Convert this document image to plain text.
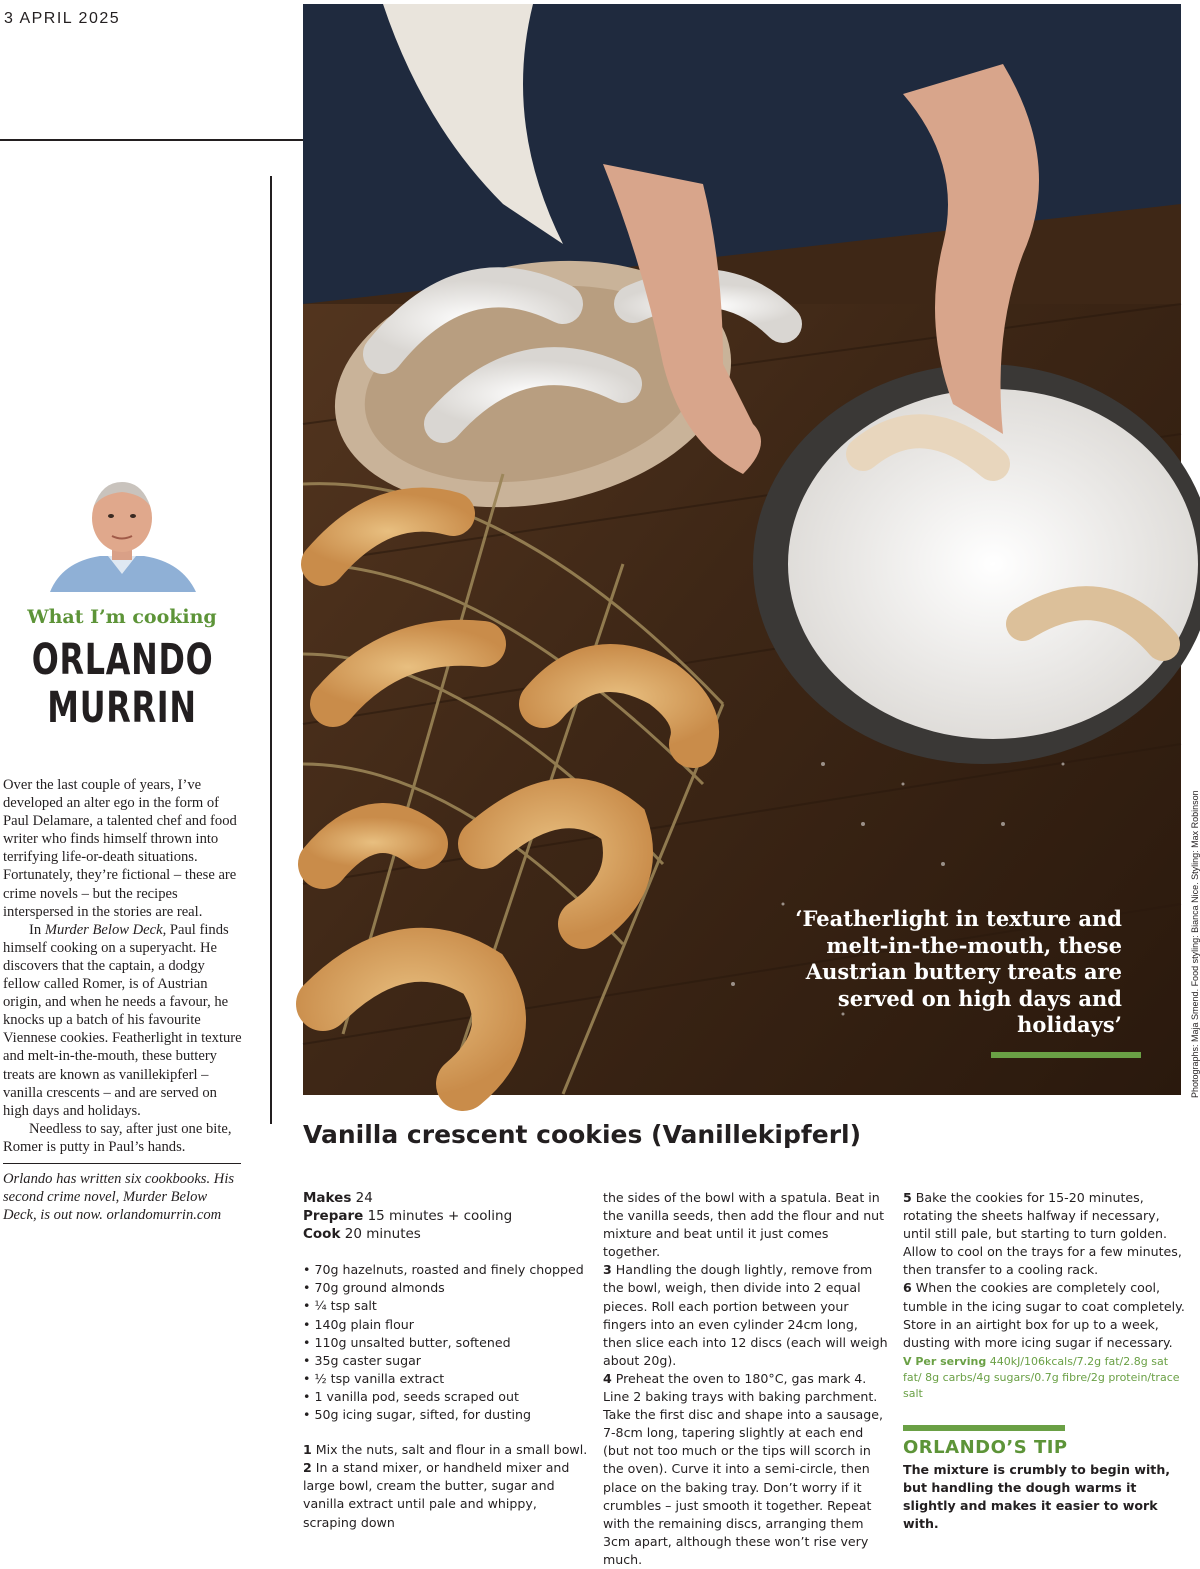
3 APRIL 2025
What I’m cooking
ORLANDO
MURRIN

Over the last couple of years, I’ve developed an alter ego in the form of Paul Delamare, a talented chef and food writer who finds himself thrown into terrifying life-or-death situations. Fortunately, they’re fictional – these are crime novels – but the recipes interspersed in the stories are real.

In Murder Below Deck, Paul finds himself cooking on a superyacht. He discovers that the captain, a dodgy fellow called Romer, is of Austrian origin, and when he needs a favour, he knocks up a batch of his favourite Viennese cookies. Featherlight in texture and melt-in-the-mouth, these buttery treats are known as vanillekipferl – vanilla crescents – and are served on high days and holidays.

Needless to say, after just one bite, Romer is putty in Paul’s hands.

Orlando has written six cookbooks. His second crime novel, Murder Below Deck, is out now. orlandomurrin.com
‘Featherlight in texture and melt-in-the-mouth, these Austrian buttery treats are served on high days and holidays’	Photographs: Maja Smend. Food styling: Bianca Nice. Styling: Max Robinson
Vanilla crescent cookies (Vanillekipferl)
Makes 24
Prepare 15 minutes + cooling
Cook 20 minutes
• 70g hazelnuts, roasted and finely chopped
• 70g ground almonds
• ¼ tsp salt
• 140g plain flour
• 110g unsalted butter, softened
• 35g caster sugar
• ½ tsp vanilla extract
• 1 vanilla pod, seeds scraped out
• 50g icing sugar, sifted, for dusting

1 Mix the nuts, salt and flour in a small bowl.

2 In a stand mixer, or handheld mixer and large bowl, cream the butter, sugar and vanilla extract until pale and whippy, scraping down

the sides of the bowl with a spatula. Beat in the vanilla seeds, then add the flour and nut mixture and beat until it just comes together.

3 Handling the dough lightly, remove from the bowl, weigh, then divide into 2 equal pieces. Roll each portion between your fingers into an even cylinder 24cm long, then slice each into 12 discs (each will weigh about 20g).

4 Preheat the oven to 180°C, gas mark 4. Line 2 baking trays with baking parchment. Take the first disc and shape into a sausage, 7-8cm long, tapering slightly at each end (but not too much or the tips will scorch in the oven). Curve it into a semi-circle, then place on the baking tray. Don’t worry if it crumbles – just smooth it together. Repeat with the remaining discs, arranging them 3cm apart, although these won’t rise very much.

5 Bake the cookies for 15-20 minutes, rotating the sheets halfway if necessary, until still pale, but starting to turn golden. Allow to cool on the trays for a few minutes, then transfer to a cooling rack.

6 When the cookies are completely cool, tumble in the icing sugar to coat completely. Store in an airtight box for up to a week, dusting with more icing sugar if necessary.

V Per serving 440kJ/106kcals/7.2g fat/2.8g sat fat/ 8g carbs/4g sugars/0.7g fibre/2g protein/trace salt

ORLANDO’S TIP
The mixture is crumbly to begin with, but handling the dough warms it slightly and makes it easier to work with.
